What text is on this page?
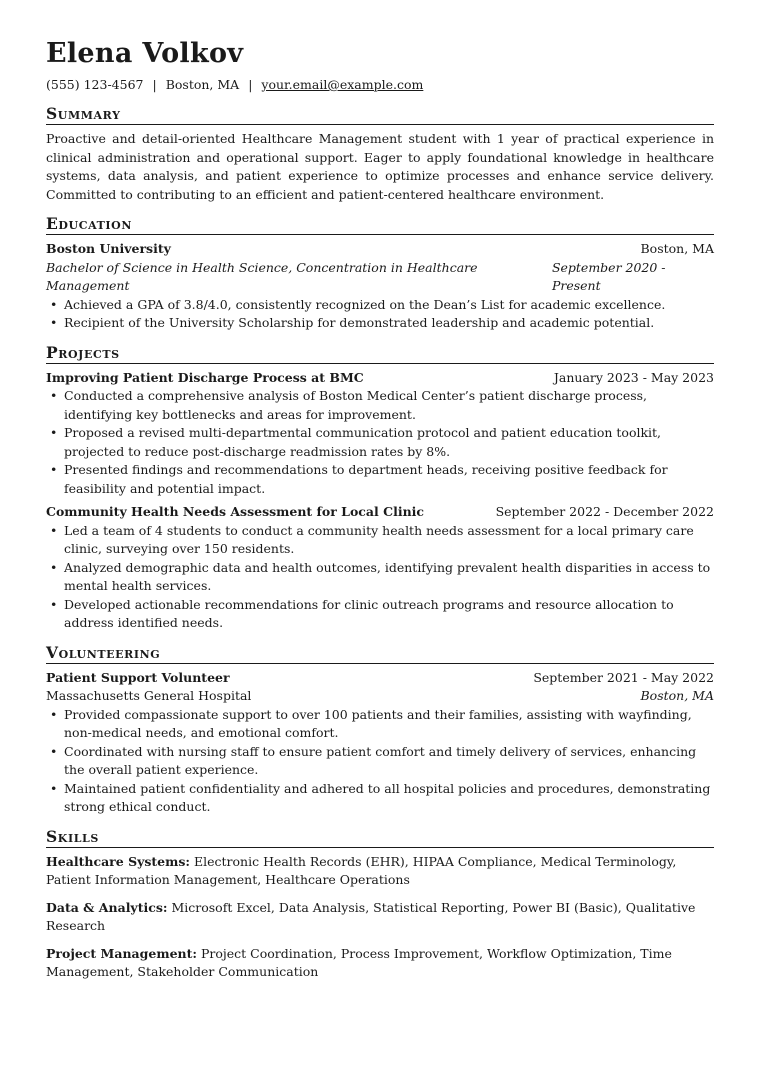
Elena Volkov
(555) 123-4567 | Boston, MA | your.email@example.com
Summary

Proactive and detail-oriented Healthcare Management student with 1 year of practical experience in clinical administration and operational support. Eager to apply foundational knowledge in healthcare systems, data analysis, and patient experience to optimize processes and enhance service delivery. Committed to contributing to an efficient and patient-centered healthcare environment.

Education
Boston University	Boston, MA
Bachelor of Science in Health Science, Concentration in Healthcare Management
September 2020 - Present
• Achieved a GPA of 3.8/4.0, consistently recognized on the Dean’s List for academic excellence.
• Recipient of the University Scholarship for demonstrated leadership and academic potential.
Projects
Improving Patient Discharge Process at BMC	January 2023 - May 2023
• Conducted a comprehensive analysis of Boston Medical Center’s patient discharge process, identifying key bottlenecks and areas for improvement.
• Proposed a revised multi-departmental communication protocol and patient education toolkit, projected to reduce post-discharge readmission rates by 8%.
• Presented findings and recommendations to department heads, receiving positive feedback for feasibility and potential impact.
Community Health Needs Assessment for Local Clinic	September 2022 - December 2022
• Led a team of 4 students to conduct a community health needs assessment for a local primary care clinic, surveying over 150 residents.
• Analyzed demographic data and health outcomes, identifying prevalent health disparities in access to mental health services.
• Developed actionable recommendations for clinic outreach programs and resource allocation to address identified needs.
Volunteering
Patient Support Volunteer	September 2021 - May 2022
Massachusetts General Hospital	Boston, MA
• Provided compassionate support to over 100 patients and their families, assisting with wayfinding, non-medical needs, and emotional comfort.
• Coordinated with nursing staff to ensure patient comfort and timely delivery of services, enhancing the overall patient experience.
• Maintained patient confidentiality and adhered to all hospital policies and procedures, demonstrating strong ethical conduct.
Skills
Healthcare Systems: Electronic Health Records (EHR), HIPAA Compliance, Medical Terminology, Patient Information Management, Healthcare Operations
Data & Analytics: Microsoft Excel, Data Analysis, Statistical Reporting, Power BI (Basic), Qualitative Research
Project Management: Project Coordination, Process Improvement, Workflow Optimization, Time Management, Stakeholder Communication
